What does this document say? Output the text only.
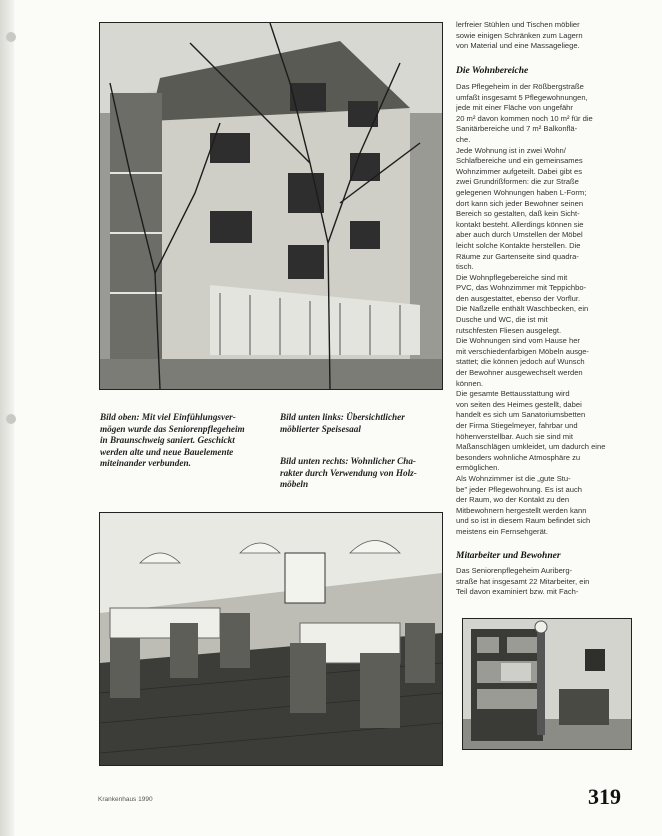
Bild oben: Mit viel Einfühlungsver-
mögen wurde das Seniorenpflegeheim
in Braunschweig saniert. Geschickt
werden alte und neue Bauelemente
miteinander verbunden.
Bild unten links: Übersichtlicher
möblierter Speisesaal
Bild unten rechts: Wohnlicher Cha-
rakter durch Verwendung von Holz-
möbeln
lerfreier Stühlen und Tischen möblier
sowie einigen Schränken zum Lagern
von Material und eine Massageliege.
Die Wohnbereiche
Das Pflegeheim in der Rößbergstraße
umfaßt insgesamt 5 Pflegewohnungen,
jede mit einer Fläche von ungefähr
20 m² davon kommen noch 10 m² für die
Sanitärbereiche und 7 m² Balkonflä-
che.
Jede Wohnung ist in zwei Wohn/
Schlafbereiche und ein gemeinsames
Wohnzimmer aufgeteilt. Dabei gibt es
zwei Grundrißformen: die zur Straße
gelegenen Wohnungen haben L-Form;
dort kann sich jeder Bewohner seinen
Bereich so gestalten, daß kein Sicht-
kontakt besteht. Allerdings können sie
aber auch durch Umstellen der Möbel
leicht solche Kontakte herstellen. Die
Räume zur Gartenseite sind quadra-
tisch.
Die Wohnpflegebereiche sind mit
PVC, das Wohnzimmer mit Teppichbo-
den ausgestattet, ebenso der Vorflur.
Die Naßzelle enthält Waschbecken, ein
Dusche und WC, die ist mit
rutschfesten Fliesen ausgelegt.
Die Wohnungen sind vom Hause her
mit verschiedenfarbigen Möbeln ausge-
stattet; die können jedoch auf Wunsch
der Bewohner ausgewechselt werden
können.
Die gesamte Bettausstattung wird
von seiten des Heimes gestellt, dabei
handelt es sich um Sanatoriumsbetten
der Firma Stiegelmeyer, fahrbar und
höhenverstellbar. Auch sie sind mit
Maßanschlägen umkleidet, um dadurch eine
besonders wohnliche Atmosphäre zu
ermöglichen.
Als Wohnzimmer ist die „gute Stu-
be" jeder Pflegewohnung. Es ist auch
der Raum, wo der Kontakt zu den
Mitbewohnern hergestellt werden kann
und so ist in diesem Raum befindet sich
meistens ein Fernsehgerät.
Mitarbeiter und Bewohner
Das Seniorenpflegeheim Auriberg-
straße hat insgesamt 22 Mitarbeiter, ein
Teil davon examiniert bzw. mit Fach-
Krankenhaus 1990	319
